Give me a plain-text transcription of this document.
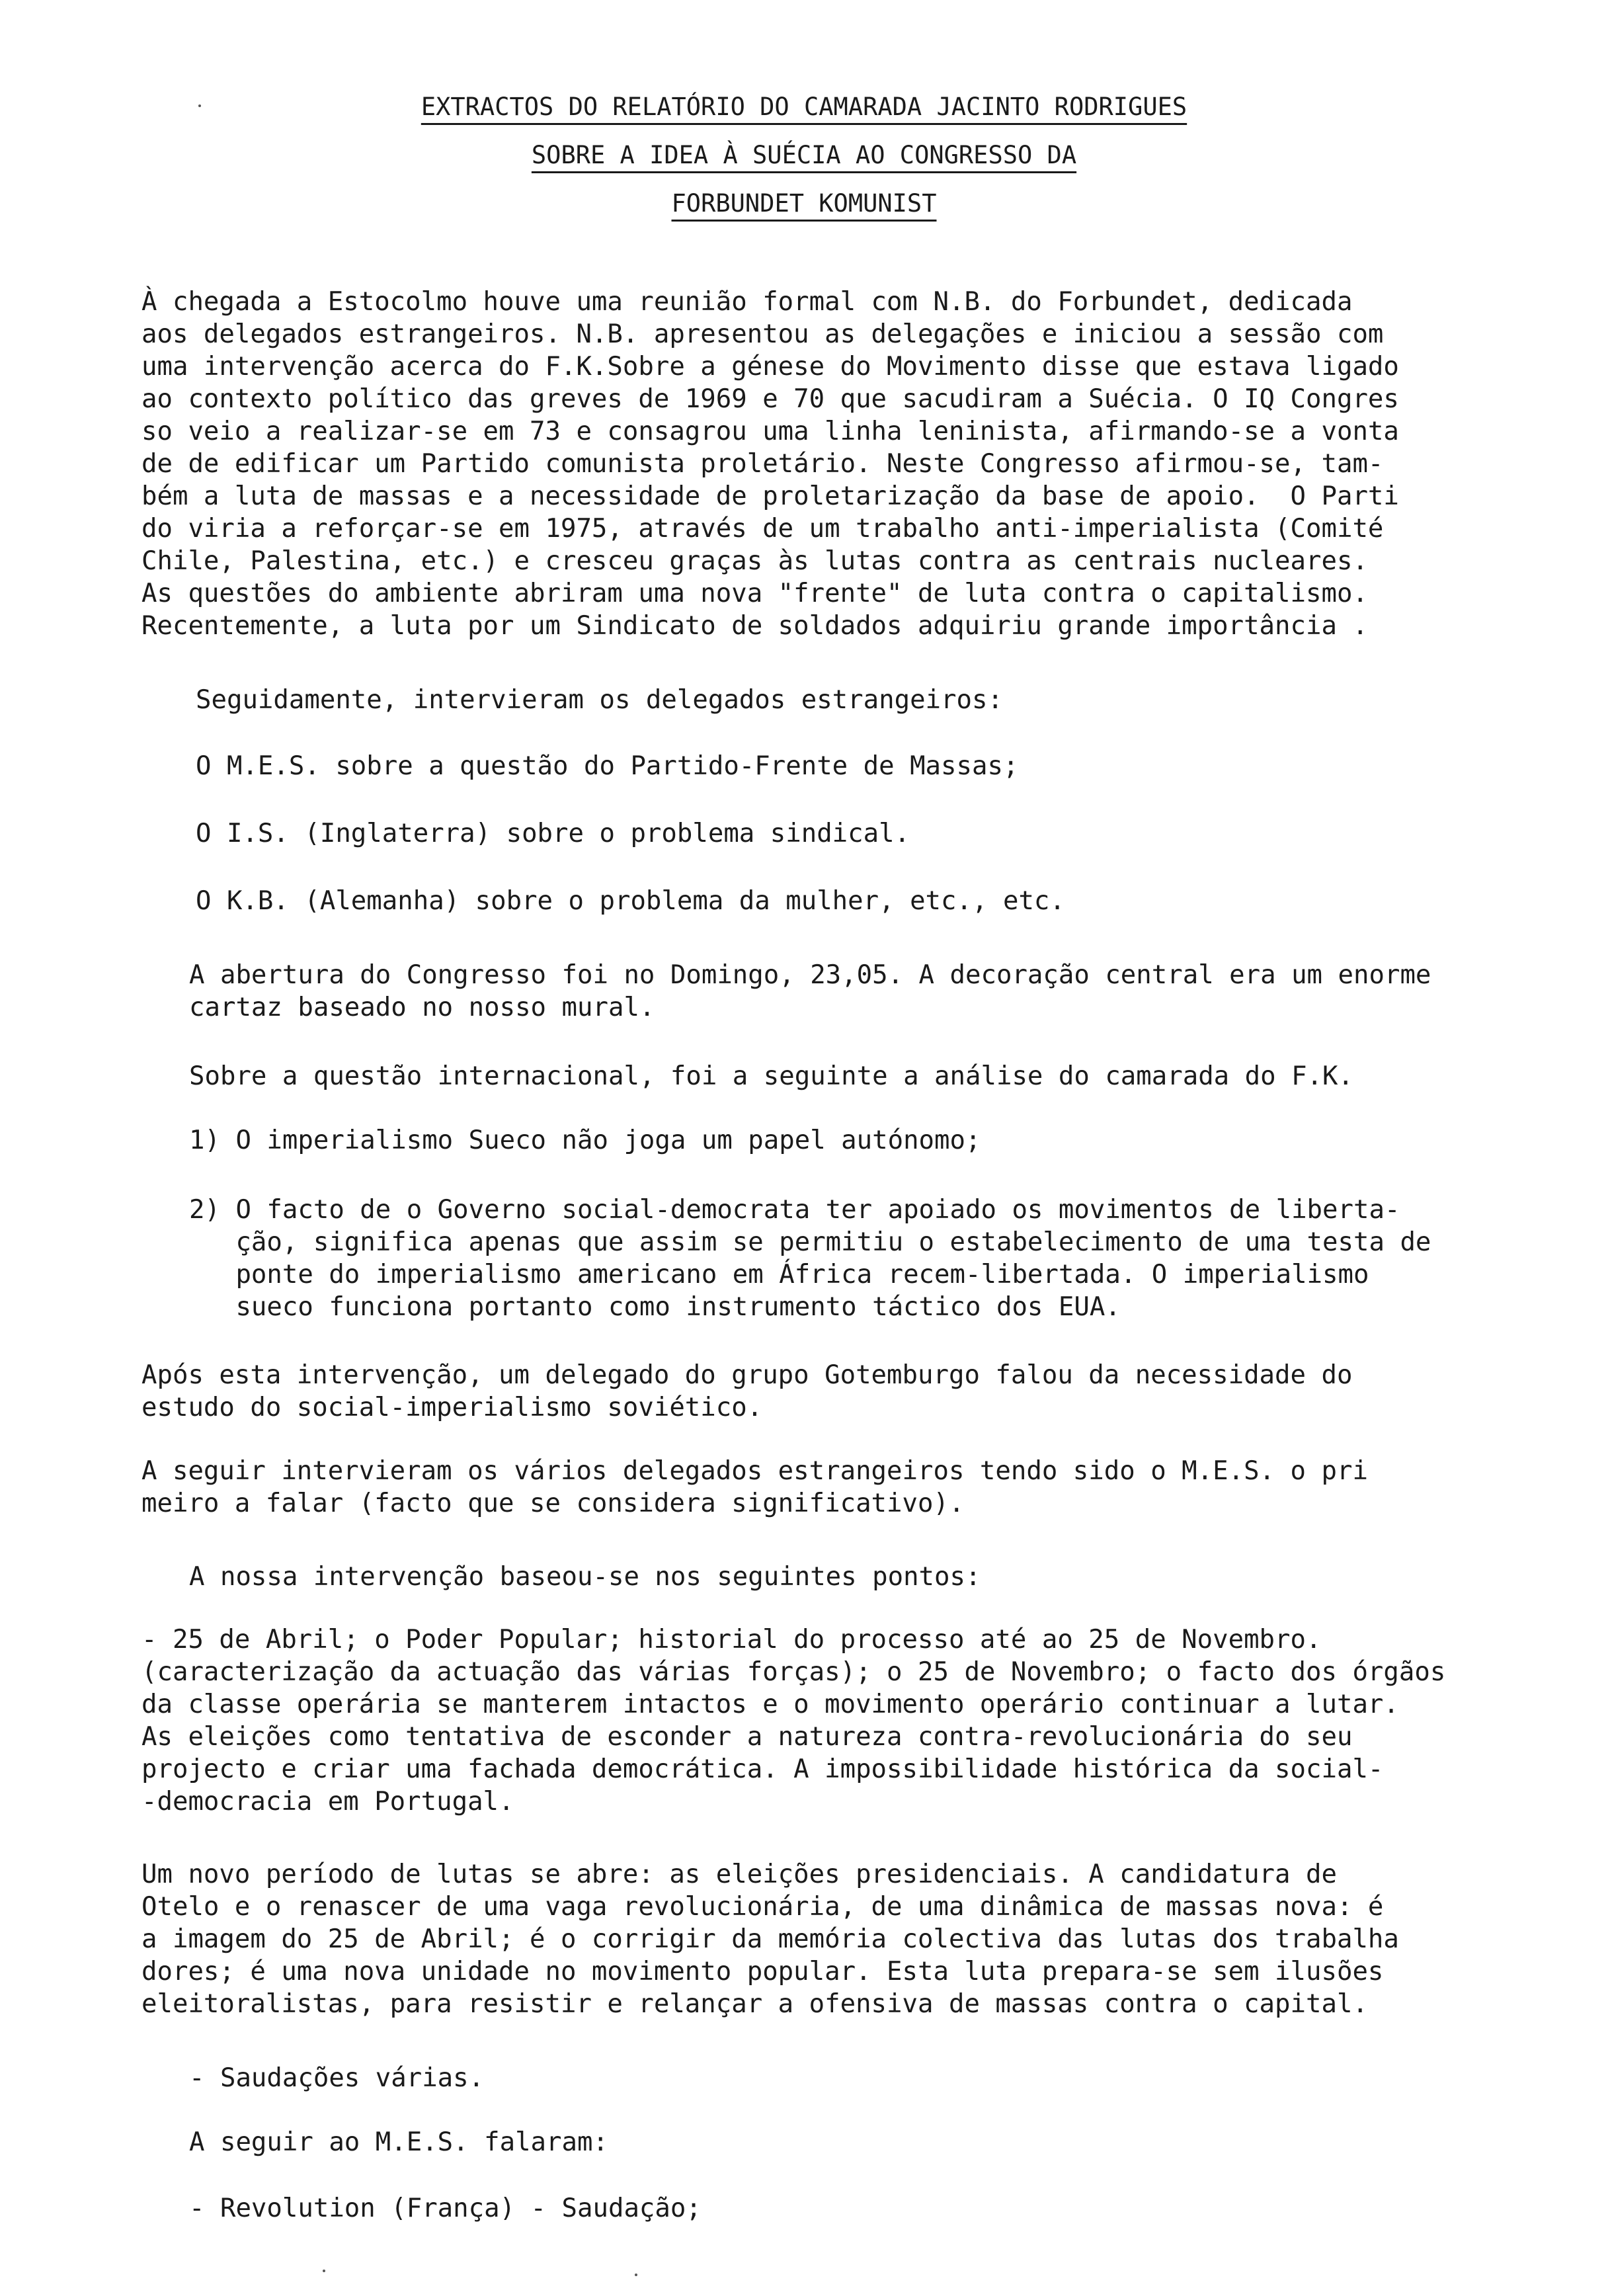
EXTRACTOS DO RELATÓRIO DO CAMARADA JACINTO RODRIGUES
SOBRE A IDEA À SUÉCIA AO CONGRESSO DA
FORBUNDET KOMUNIST
À chegada a Estocolmo houve uma reunião formal com N.B. do Forbundet, dedicada
aos delegados estrangeiros. N.B. apresentou as delegações e iniciou a sessão com
uma intervenção acerca do F.K.Sobre a génese do Movimento disse que estava ligado
ao contexto político das greves de 1969 e 70 que sacudiram a Suécia. O IQ Congres
so veio a realizar-se em 73 e consagrou uma linha leninista, afirmando-se a vonta
de de edificar um Partido comunista proletário. Neste Congresso afirmou-se, tam-
bém a luta de massas e a necessidade de proletarização da base de apoio.  O Parti
do viria a reforçar-se em 1975, através de um trabalho anti-imperialista (Comité
Chile, Palestina, etc.) e cresceu graças às lutas contra as centrais nucleares.
As questões do ambiente abriram uma nova "frente" de luta contra o capitalismo.
Recentemente, a luta por um Sindicato de soldados adquiriu grande importância .
Seguidamente, intervieram os delegados estrangeiros:
O M.E.S. sobre a questão do Partido-Frente de Massas;
O I.S. (Inglaterra) sobre o problema sindical.
O K.B. (Alemanha) sobre o problema da mulher, etc., etc.
A abertura do Congresso foi no Domingo, 23,05. A decoração central era um enorme
cartaz baseado no nosso mural.
Sobre a questão internacional, foi a seguinte a análise do camarada do F.K.
1) O imperialismo Sueco não joga um papel autónomo;
2) O facto de o Governo social-democrata ter apoiado os movimentos de liberta-
ção, significa apenas que assim se permitiu o estabelecimento de uma testa de
ponte do imperialismo americano em África recem-libertada. O imperialismo
sueco funciona portanto como instrumento táctico dos EUA.
Após esta intervenção, um delegado do grupo Gotemburgo falou da necessidade do
estudo do social-imperialismo soviético.
A seguir intervieram os vários delegados estrangeiros tendo sido o M.E.S. o pri
meiro a falar (facto que se considera significativo).
A nossa intervenção baseou-se nos seguintes pontos:
- 25 de Abril; o Poder Popular; historial do processo até ao 25 de Novembro.
(caracterização da actuação das várias forças); o 25 de Novembro; o facto dos órgãos
da classe operária se manterem intactos e o movimento operário continuar a lutar.
As eleições como tentativa de esconder a natureza contra-revolucionária do seu
projecto e criar uma fachada democrática. A impossibilidade histórica da social-
-democracia em Portugal.
Um novo período de lutas se abre: as eleições presidenciais. A candidatura de
Otelo e o renascer de uma vaga revolucionária, de uma dinâmica de massas nova: é
a imagem do 25 de Abril; é o corrigir da memória colectiva das lutas dos trabalha
dores; é uma nova unidade no movimento popular. Esta luta prepara-se sem ilusões
eleitoralistas, para resistir e relançar a ofensiva de massas contra o capital.
- Saudações várias.
A seguir ao M.E.S. falaram:
- Revolution (França) - Saudação;
